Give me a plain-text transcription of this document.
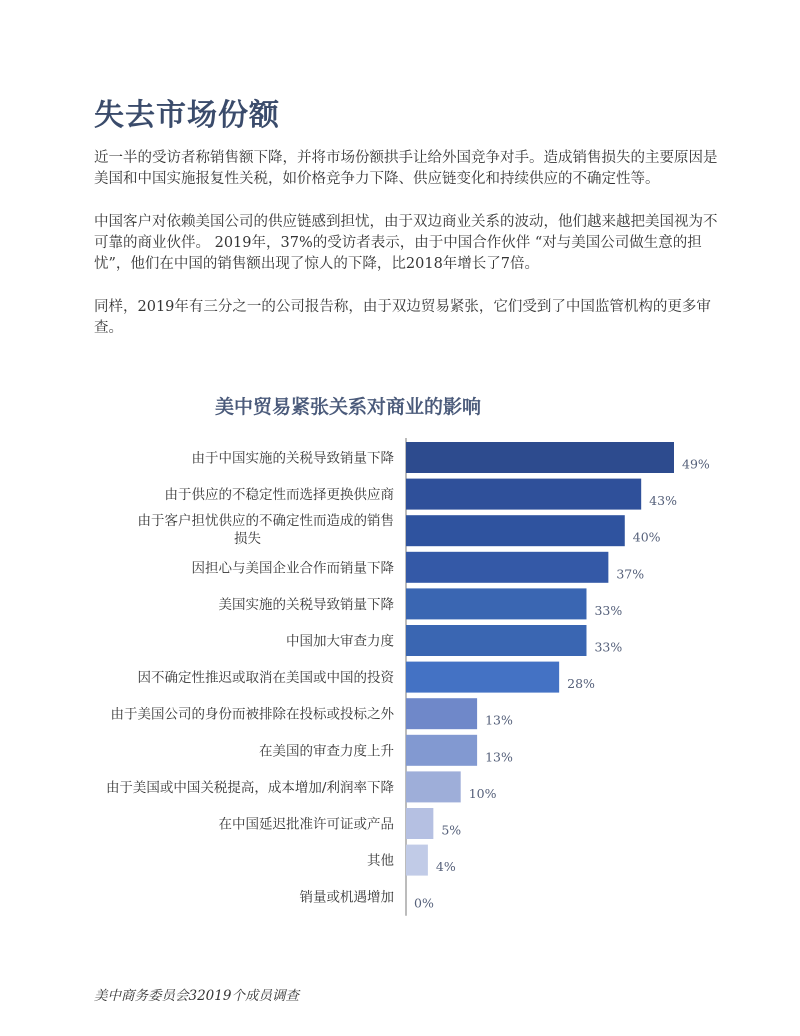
失去市场份额

近一半的受访者称销售额下降，并将市场份额拱手让给外国竞争对手。造成销售损失的主要原因是美国和中国实施报复性关税，如价格竞争力下降、供应链变化和持续供应的不确定性等。

中国客户对依赖美国公司的供应链感到担忧，由于双边商业关系的波动，他们越来越把美国视为不可靠的商业伙伴。 2019年，37%的受访者表示，由于中国合作伙伴 “对与美国公司做生意的担忧”，他们在中国的销售额出现了惊人的下降，比2018年增长了7倍。

同样，2019年有三分之一的公司报告称，由于双边贸易紧张，它们受到了中国监管机构的更多审查。

美中贸易紧张关系对商业的影响
49%
由于中国实施的关税导致销量下降
43%
由于供应的不稳定性而选择更换供应商
40%
由于客户担忧供应的不确定性而造成的销售损失
37%
因担心与美国企业合作而销量下降
33%
美国实施的关税导致销量下降
33%
中国加大审查力度
28%
因不确定性推迟或取消在美国或中国的投资
13%
由于美国公司的身份而被排除在投标或投标之外
13%
在美国的审查力度上升
10%
由于美国或中国关税提高，成本增加/利润率下降
5%
在中国延迟批准许可证或产品
4%
其他
0%
销量或机遇增加

美中商务委员会32019个成员调查
